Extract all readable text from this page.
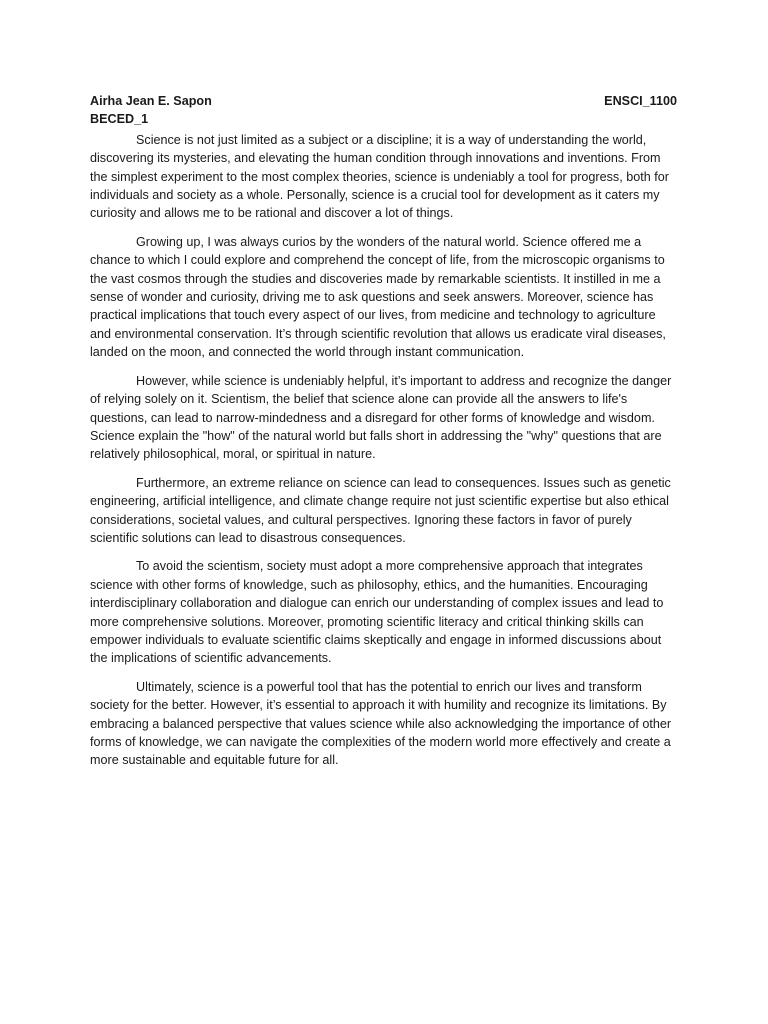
Airha Jean E. Sapon
BECED_1
ENSCI_1100

Science is not just limited as a subject or a discipline; it is a way of understanding the world, discovering its mysteries, and elevating the human condition through innovations and inventions. From the simplest experiment to the most complex theories, science is undeniably a tool for progress, both for individuals and society as a whole. Personally, science is a crucial tool for development as it caters my curiosity and allows me to be rational and discover a lot of things.

Growing up, I was always curios by the wonders of the natural world. Science offered me a chance to which I could explore and comprehend the concept of life, from the microscopic organisms to the vast cosmos through the studies and discoveries made by remarkable scientists. It instilled in me a sense of wonder and curiosity, driving me to ask questions and seek answers. Moreover, science has practical implications that touch every aspect of our lives, from medicine and technology to agriculture and environmental conservation. It’s through scientific revolution that allows us eradicate viral diseases, landed on the moon, and connected the world through instant communication.

However, while science is undeniably helpful, it’s important to address and recognize the danger of relying solely on it. Scientism, the belief that science alone can provide all the answers to life's questions, can lead to narrow-mindedness and a disregard for other forms of knowledge and wisdom. Science explain the "how" of the natural world but falls short in addressing the "why" questions that are relatively philosophical, moral, or spiritual in nature.

Furthermore, an extreme reliance on science can lead to consequences. Issues such as genetic engineering, artificial intelligence, and climate change require not just scientific expertise but also ethical considerations, societal values, and cultural perspectives. Ignoring these factors in favor of purely scientific solutions can lead to disastrous consequences.

To avoid the scientism, society must adopt a more comprehensive approach that integrates science with other forms of knowledge, such as philosophy, ethics, and the humanities. Encouraging interdisciplinary collaboration and dialogue can enrich our understanding of complex issues and lead to more comprehensive solutions. Moreover, promoting scientific literacy and critical thinking skills can empower individuals to evaluate scientific claims skeptically and engage in informed discussions about the implications of scientific advancements.

Ultimately, science is a powerful tool that has the potential to enrich our lives and transform society for the better. However, it’s essential to approach it with humility and recognize its limitations. By embracing a balanced perspective that values science while also acknowledging the importance of other forms of knowledge, we can navigate the complexities of the modern world more effectively and create a more sustainable and equitable future for all.
